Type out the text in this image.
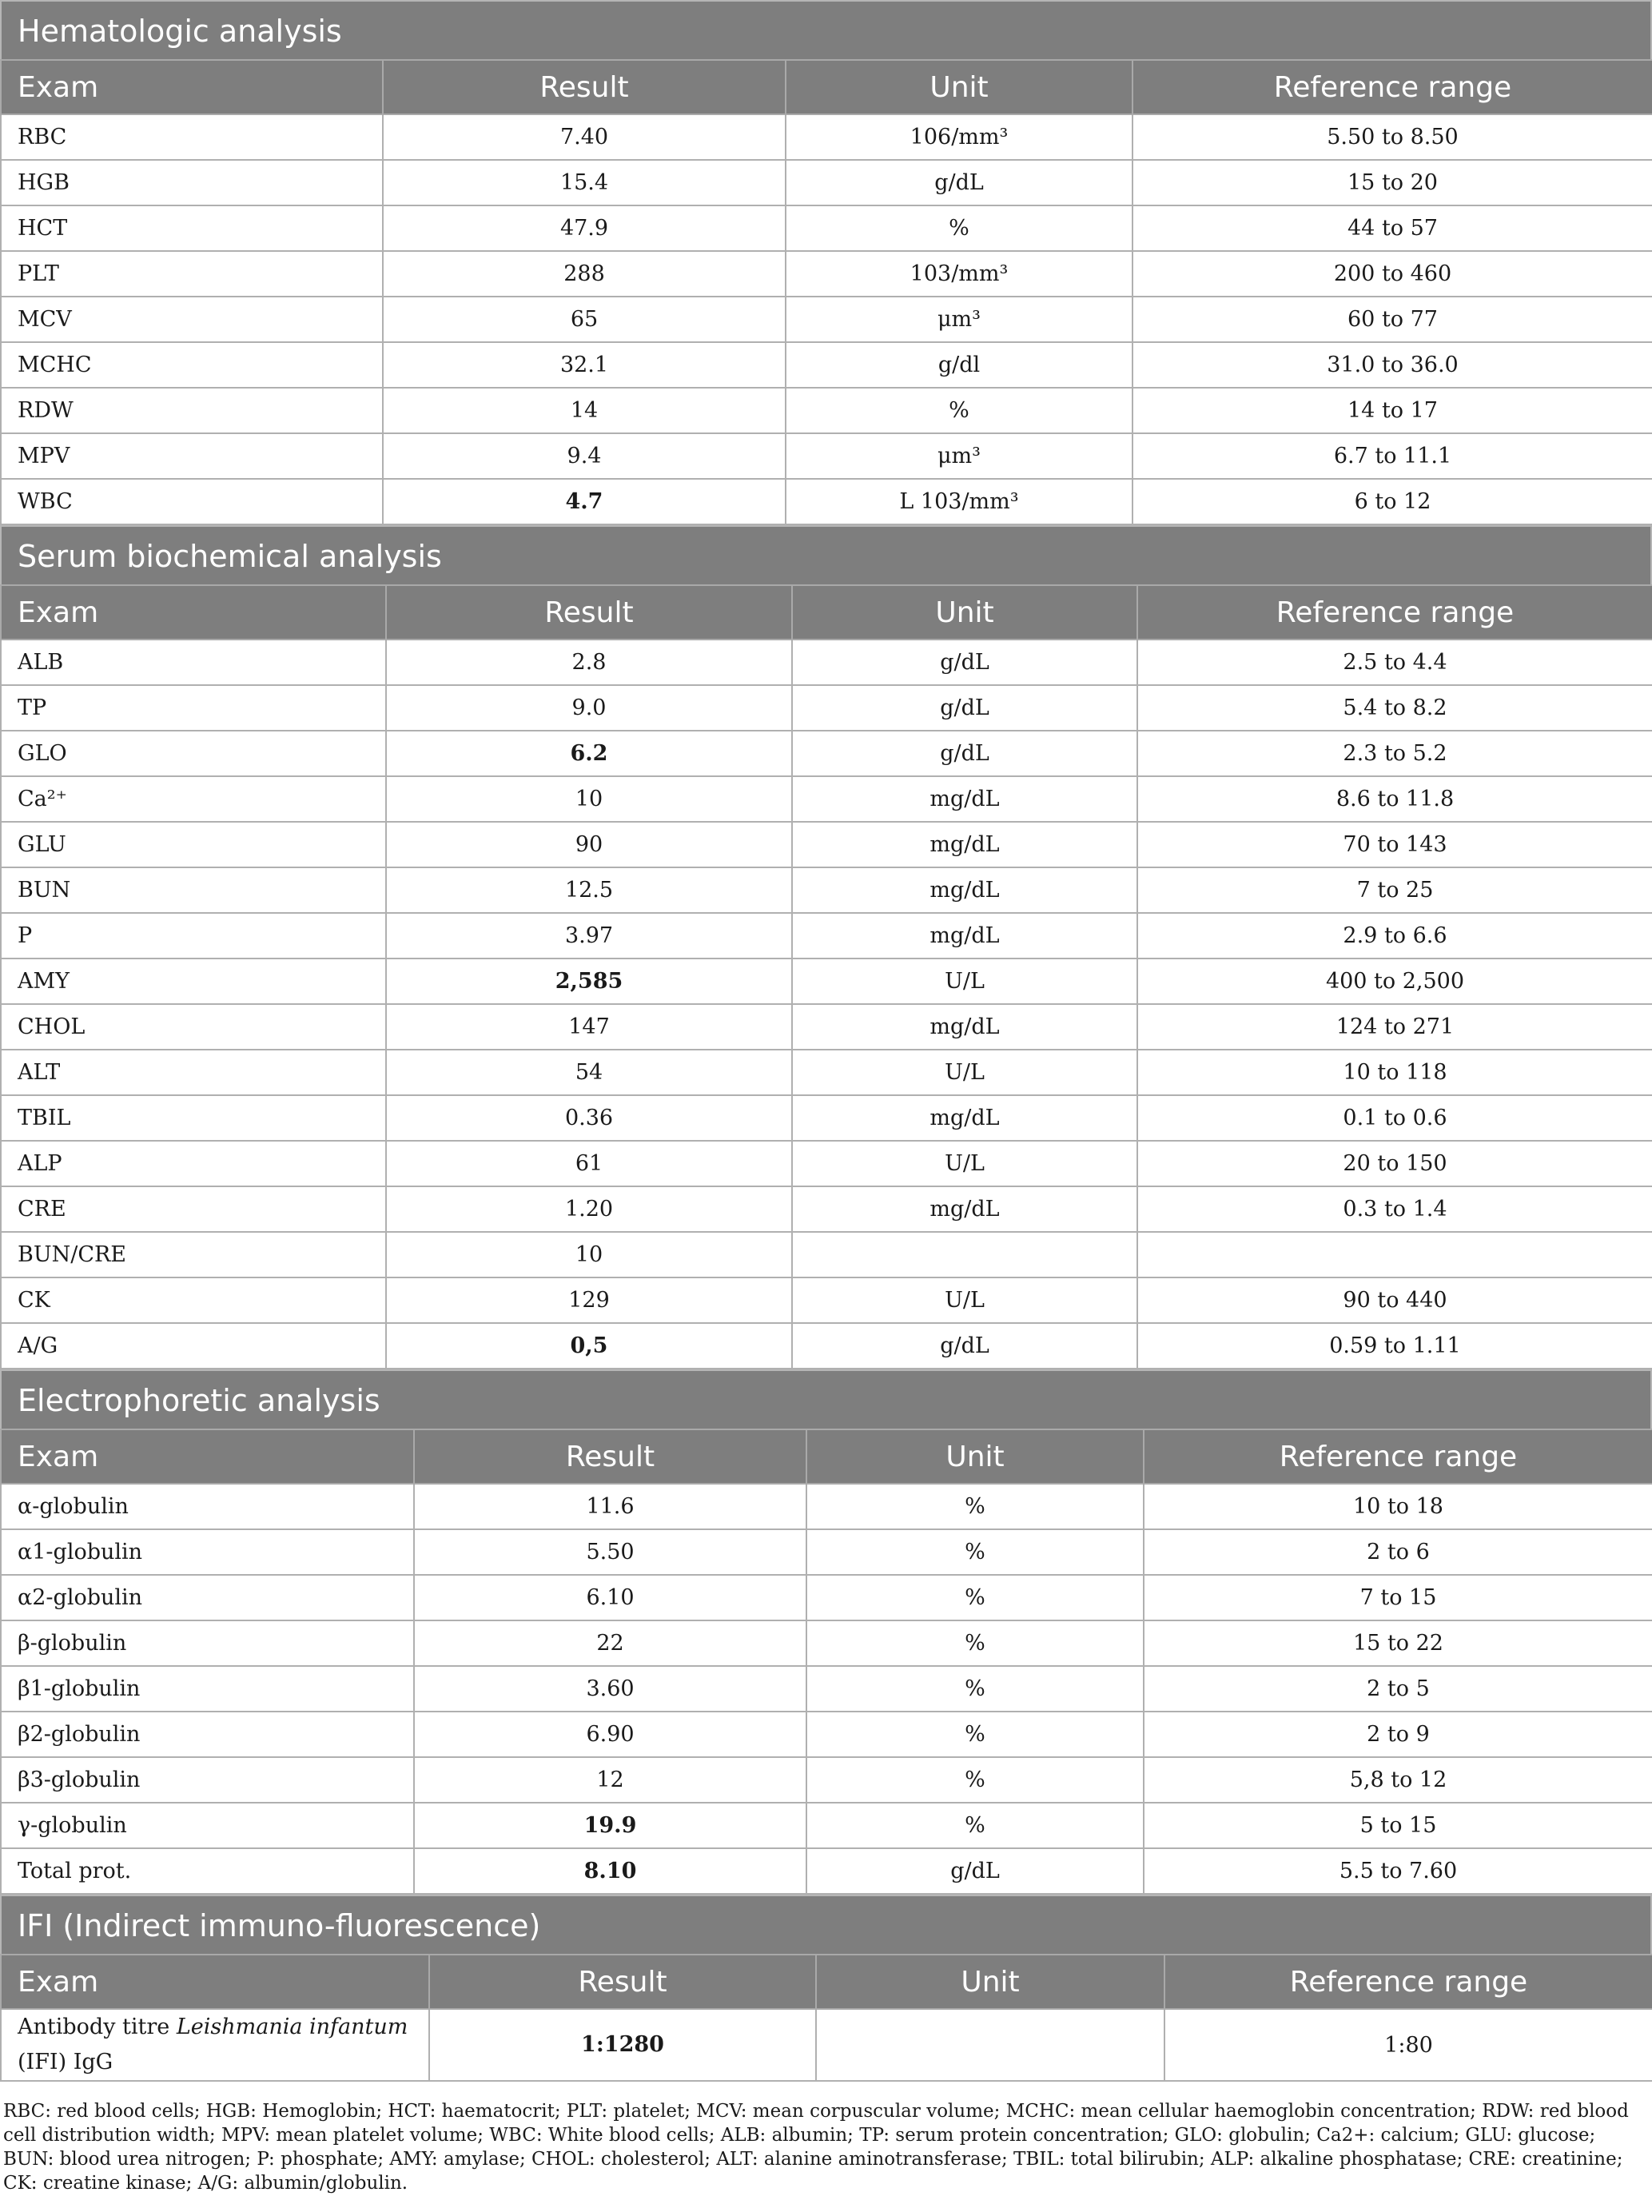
Hematologic analysis
Exam	Result	Unit	Reference range
RBC	7.40	106/mm³	5.50 to 8.50
HGB	15.4	g/dL	15 to 20
HCT	47.9	%	44 to 57
PLT	288	103/mm³	200 to 460
MCV	65	μm³	60 to 77
MCHC	32.1	g/dl	31.0 to 36.0
RDW	14	%	14 to 17
MPV	9.4	μm³	6.7 to 11.1
WBC	4.7	L 103/mm³	6 to 12
Serum biochemical analysis
Exam	Result	Unit	Reference range
ALB	2.8	g/dL	2.5 to 4.4
TP	9.0	g/dL	5.4 to 8.2
GLO	6.2	g/dL	2.3 to 5.2
Ca²⁺	10	mg/dL	8.6 to 11.8
GLU	90	mg/dL	70 to 143
BUN	12.5	mg/dL	7 to 25
P	3.97	mg/dL	2.9 to 6.6
AMY	2,585	U/L	400 to 2,500
CHOL	147	mg/dL	124 to 271
ALT	54	U/L	10 to 118
TBIL	0.36	mg/dL	0.1 to 0.6
ALP	61	U/L	20 to 150
CRE	1.20	mg/dL	0.3 to 1.4
BUN/CRE	10		
CK	129	U/L	90 to 440
A/G	0,5	g/dL	0.59 to 1.11
Electrophoretic analysis
Exam	Result	Unit	Reference range
α-globulin	11.6	%	10 to 18
α1-globulin	5.50	%	2 to 6
α2-globulin	6.10	%	7 to 15
β-globulin	22	%	15 to 22
β1-globulin	3.60	%	2 to 5
β2-globulin	6.90	%	2 to 9
β3-globulin	12	%	5,8 to 12
γ-globulin	19.9	%	5 to 15
Total prot.	8.10	g/dL	5.5 to 7.60
IFI (Indirect immuno-fluorescence)
Exam	Result	Unit	Reference range
Antibody titre Leishmania infantum (IFI) IgG	1:1280		1:80
RBC: red blood cells; HGB: Hemoglobin; HCT: haematocrit; PLT: platelet; MCV: mean corpuscular volume; MCHC: mean cellular haemoglobin concentration; RDW: red blood cell distribution width; MPV: mean platelet volume; WBC: White blood cells; ALB: albumin; TP: serum protein concentration; GLO: globulin; Ca2+: calcium; GLU: glucose; BUN: blood urea nitrogen; P: phosphate; AMY: amylase; CHOL: cholesterol; ALT: alanine aminotransferase; TBIL: total bilirubin; ALP: alkaline phosphatase; CRE: creatinine; CK: creatine kinase; A/G: albumin/globulin.
